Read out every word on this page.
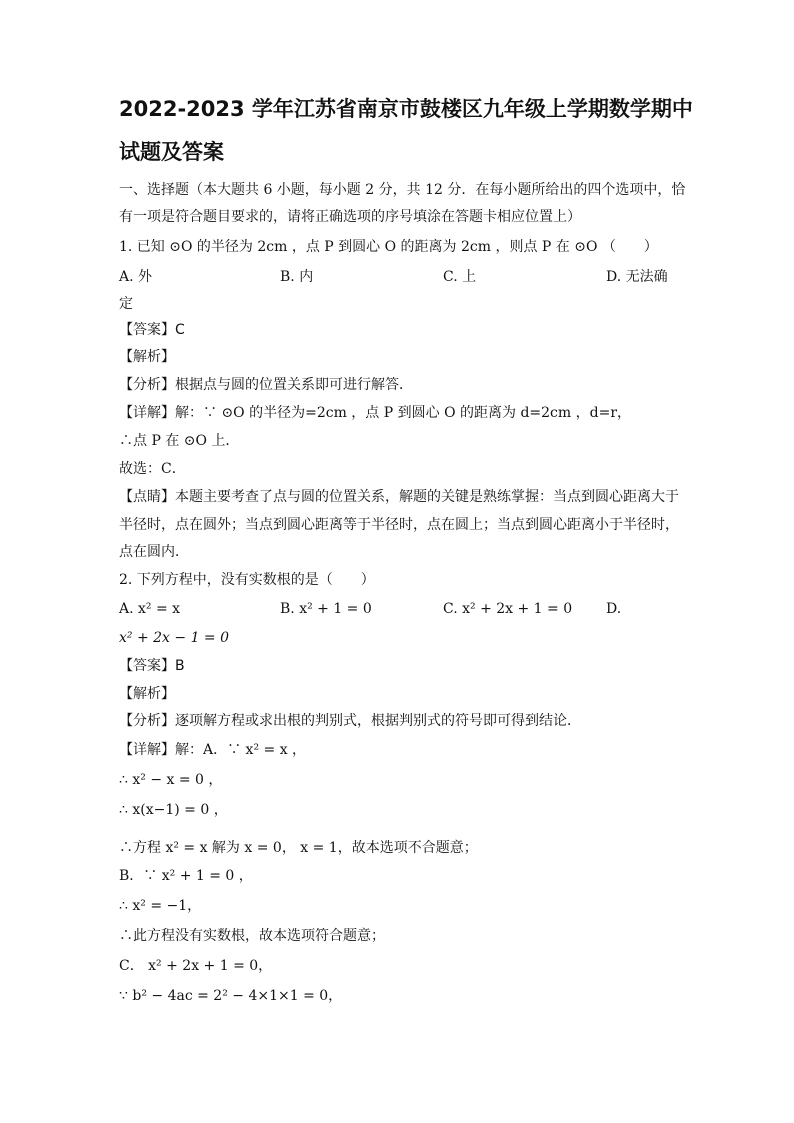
2022-2023 学年江苏省南京市鼓楼区九年级上学期数学期中
试题及答案
一、选择题（本大题共 6 小题，每小题 2 分，共 12 分．在每小题所给出的四个选项中，恰
有一项是符合题目要求的，请将正确选项的序号填涂在答题卡相应位置上）
1. 已知 ⊙O 的半径为 2cm ，点 P 到圆心 O 的距离为 2cm ，则点 P 在 ⊙O （　　）
A. 外	B. 内	C. 上	D. 无法确
定
【答案】C
【解析】
【分析】根据点与圆的位置关系即可进行解答．
【详解】解：∵ ⊙O 的半径为=2cm ，点 P 到圆心 O 的距离为 d=2cm ，d=r，
∴点 P 在 ⊙O 上．
故选：C．
【点睛】本题主要考查了点与圆的位置关系，解题的关键是熟练掌握：当点到圆心距离大于
半径时，点在圆外；当点到圆心距离等于半径时，点在圆上；当点到圆心距离小于半径时，
点在圆内．
2. 下列方程中，没有实数根的是（　　）
A. x² = x	B. x² + 1 = 0	C. x² + 2x + 1 = 0 D.
x² + 2x − 1 = 0
【答案】B
【解析】
【分析】逐项解方程或求出根的判别式，根据判别式的符号即可得到结论．
【详解】解：A．∵ x² = x ，
∴ x² − x = 0 ，
∴ x(x−1) = 0 ，
∴方程 x² = x 解为 x = 0， x = 1，故本选项不合题意；
B．∵ x² + 1 = 0 ，
∴ x² = −1，
∴此方程没有实数根，故本选项符合题意；
C． x² + 2x + 1 = 0，
∵ b² − 4ac = 2² − 4×1×1 = 0，
